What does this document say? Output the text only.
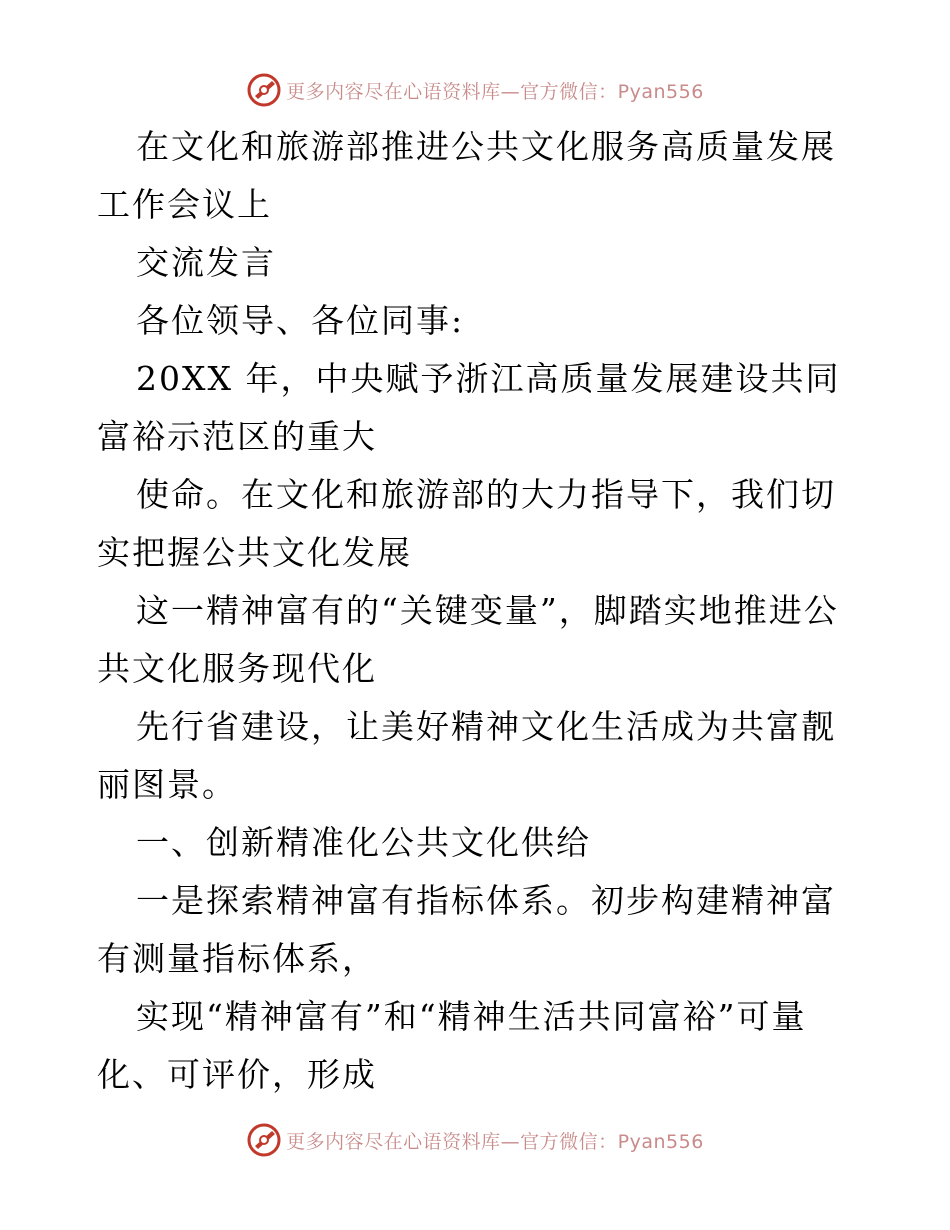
更多内容尽在心语资料库—官方微信：Pyan556

在文化和旅游部推进公共文化服务高质量发展工作会议上

交流发言

各位领导、各位同事:

20XX 年，中央赋予浙江高质量发展建设共同富裕示范区的重大

使命。在文化和旅游部的大力指导下，我们切实把握公共文化发展

这一精神富有的“关键变量”，脚踏实地推进公共文化服务现代化

先行省建设，让美好精神文化生活成为共富靓丽图景。

一、创新精准化公共文化供给

一是探索精神富有指标体系。初步构建精神富有测量指标体系，

实现“精神富有”和“精神生活共同富裕”可量化、可评价，形成

更多内容尽在心语资料库—官方微信：Pyan556
